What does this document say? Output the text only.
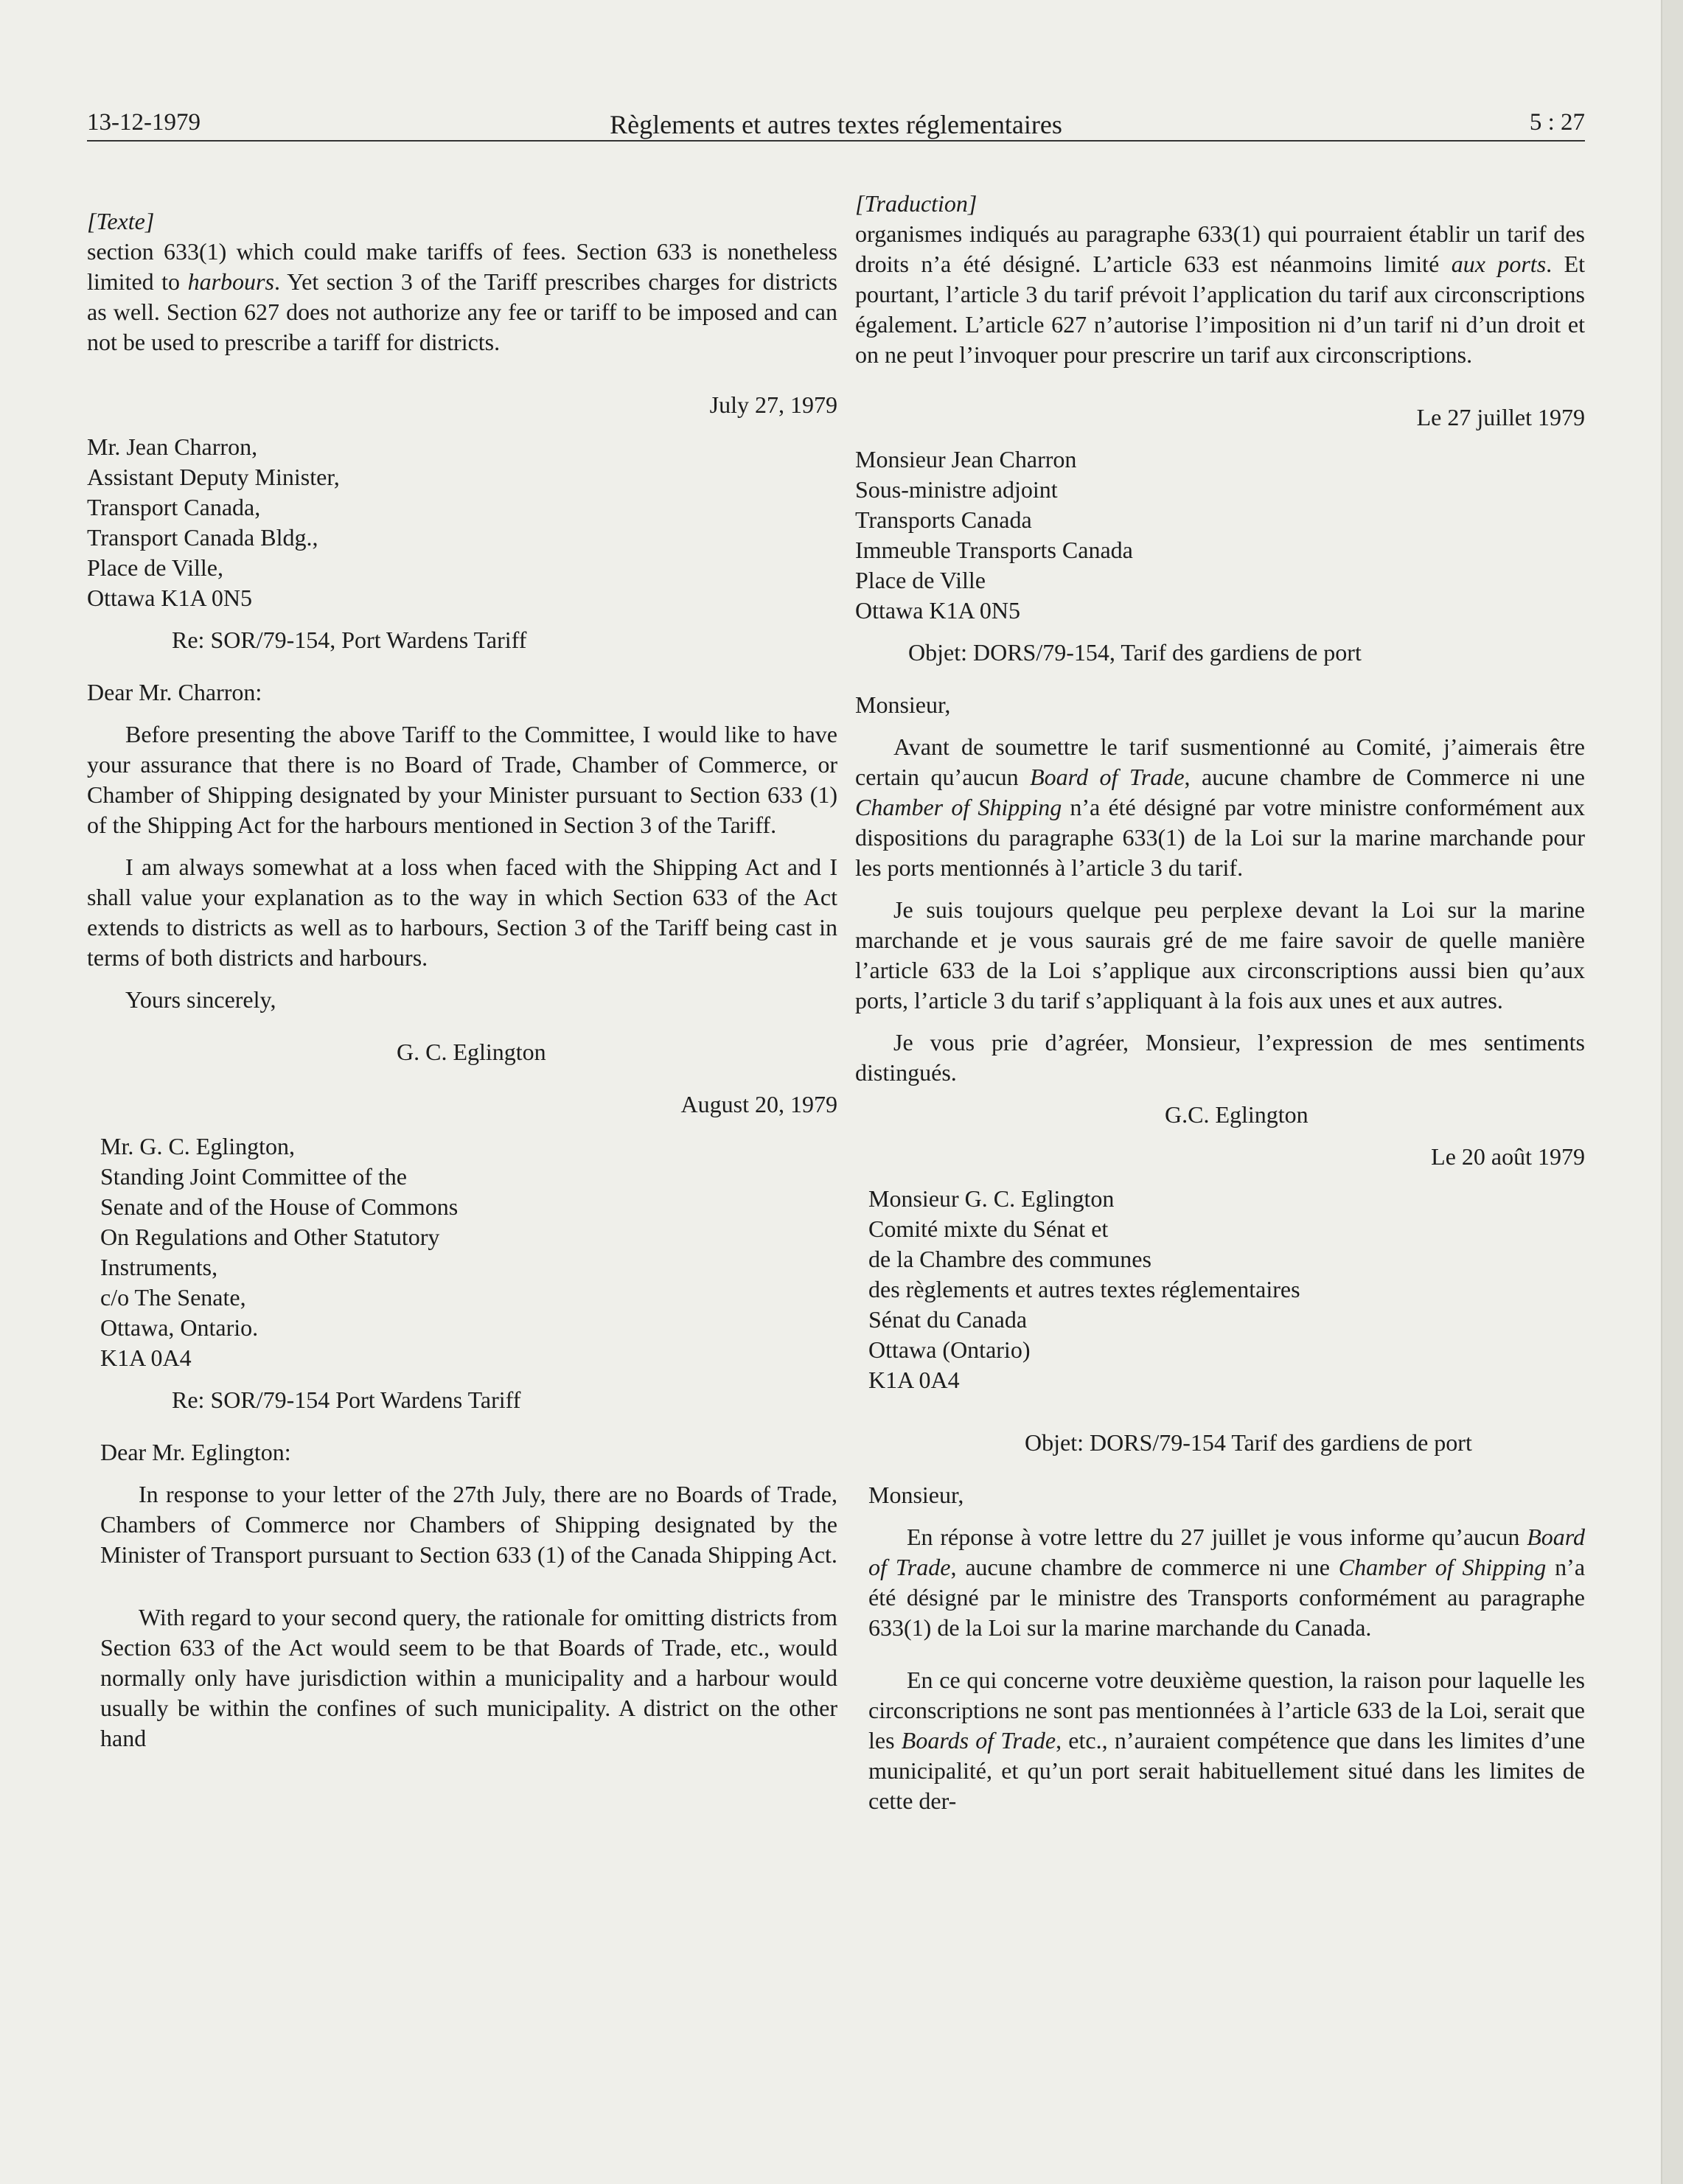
Règlements et autres textes réglementaires
13-12-1979	5 : 27

[Texte]

section 633(1) which could make tariffs of fees. Section 633 is nonetheless limited to harbours. Yet section 3 of the Tariff prescribes charges for districts as well. Section 627 does not authorize any fee or tariff to be imposed and can not be used to prescribe a tariff for districts.

July 27, 1979

Mr. Jean Charron,
Assistant Deputy Minister,
Transport Canada,
Transport Canada Bldg.,
Place de Ville,
Ottawa K1A 0N5

Re: SOR/79-154, Port Wardens Tariff

Dear Mr. Charron:

Before presenting the above Tariff to the Committee, I would like to have your assurance that there is no Board of Trade, Chamber of Commerce, or Chamber of Shipping designated by your Minister pursuant to Section 633 (1) of the Shipping Act for the harbours mentioned in Section 3 of the Tariff.

I am always somewhat at a loss when faced with the Shipping Act and I shall value your explanation as to the way in which Section 633 of the Act extends to districts as well as to harbours, Section 3 of the Tariff being cast in terms of both districts and harbours.

Yours sincerely,

G. C. Eglington

August 20, 1979

Mr. G. C. Eglington,
Standing Joint Committee of the
Senate and of the House of Commons
On Regulations and Other Statutory
Instruments,
c/o The Senate,
Ottawa, Ontario.
K1A 0A4

Re: SOR/79-154 Port Wardens Tariff

Dear Mr. Eglington:

In response to your letter of the 27th July, there are no Boards of Trade, Chambers of Commerce nor Chambers of Shipping designated by the Minister of Transport pursuant to Section 633 (1) of the Canada Shipping Act.

With regard to your second query, the rationale for omitting districts from Section 633 of the Act would seem to be that Boards of Trade, etc., would normally only have jurisdiction within a municipality and a harbour would usually be within the confines of such municipality. A district on the other hand

[Traduction]

organismes indiqués au paragraphe 633(1) qui pourraient établir un tarif des droits n’a été désigné. L’article 633 est néanmoins limité aux ports. Et pourtant, l’article 3 du tarif prévoit l’application du tarif aux circonscriptions également. L’article 627 n’autorise l’imposition ni d’un tarif ni d’un droit et on ne peut l’invoquer pour prescrire un tarif aux circonscriptions.

Le 27 juillet 1979

Monsieur Jean Charron
Sous-ministre adjoint
Transports Canada
Immeuble Transports Canada
Place de Ville
Ottawa K1A 0N5

Objet: DORS/79-154, Tarif des gardiens de port

Monsieur,

Avant de soumettre le tarif susmentionné au Comité, j’aimerais être certain qu’aucun Board of Trade, aucune chambre de Commerce ni une Chamber of Shipping n’a été désigné par votre ministre conformément aux dispositions du paragraphe 633(1) de la Loi sur la marine marchande pour les ports mentionnés à l’article 3 du tarif.

Je suis toujours quelque peu perplexe devant la Loi sur la marine marchande et je vous saurais gré de me faire savoir de quelle manière l’article 633 de la Loi s’applique aux circonscriptions aussi bien qu’aux ports, l’article 3 du tarif s’appliquant à la fois aux unes et aux autres.

Je vous prie d’agréer, Monsieur, l’expression de mes sentiments distingués.

G.C. Eglington

Le 20 août 1979

Monsieur G. C. Eglington
Comité mixte du Sénat et
de la Chambre des communes
des règlements et autres textes réglementaires
Sénat du Canada
Ottawa (Ontario)
K1A 0A4

Objet: DORS/79-154 Tarif des gardiens de port

Monsieur,

En réponse à votre lettre du 27 juillet je vous informe qu’aucun Board of Trade, aucune chambre de commerce ni une Chamber of Shipping n’a été désigné par le ministre des Transports conformément au paragraphe 633(1) de la Loi sur la marine marchande du Canada.

En ce qui concerne votre deuxième question, la raison pour laquelle les circonscriptions ne sont pas mentionnées à l’article 633 de la Loi, serait que les Boards of Trade, etc., n’auraient compétence que dans les limites d’une municipalité, et qu’un port serait habituellement situé dans les limites de cette der-
